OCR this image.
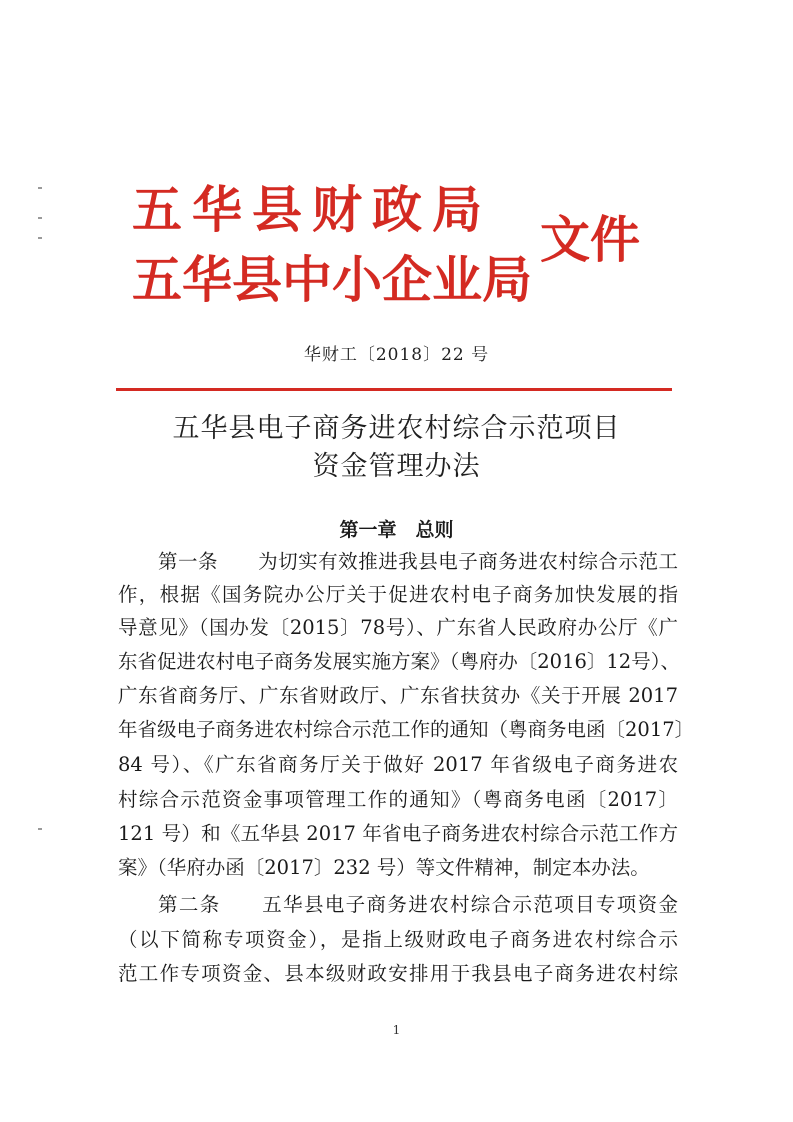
五华县财政局
五华县中小企业局
文件
华财工〔2018〕22 号
五华县电子商务进农村综合示范项目
资金管理办法
第一章　总则
第一条　　为切实有效推进我县电子商务进农村综合示范工
作，根据《国务院办公厅关于促进农村电子商务加快发展的指
导意见》（国办发〔2015〕78号）、广东省人民政府办公厅《广
东省促进农村电子商务发展实施方案》（粤府办〔2016〕12号）、
广东省商务厅、广东省财政厅、广东省扶贫办《关于开展 2017
年省级电子商务进农村综合示范工作的通知（粤商务电函〔2017〕
84 号）、《广东省商务厅关于做好 2017 年省级电子商务进农
村综合示范资金事项管理工作的通知》（粤商务电函〔2017〕
121 号）和《五华县 2017 年省电子商务进农村综合示范工作方
案》（华府办函〔2017〕232 号）等文件精神，制定本办法。
第二条　　五华县电子商务进农村综合示范项目专项资金
（以下简称专项资金），是指上级财政电子商务进农村综合示
范工作专项资金、县本级财政安排用于我县电子商务进农村综
1
